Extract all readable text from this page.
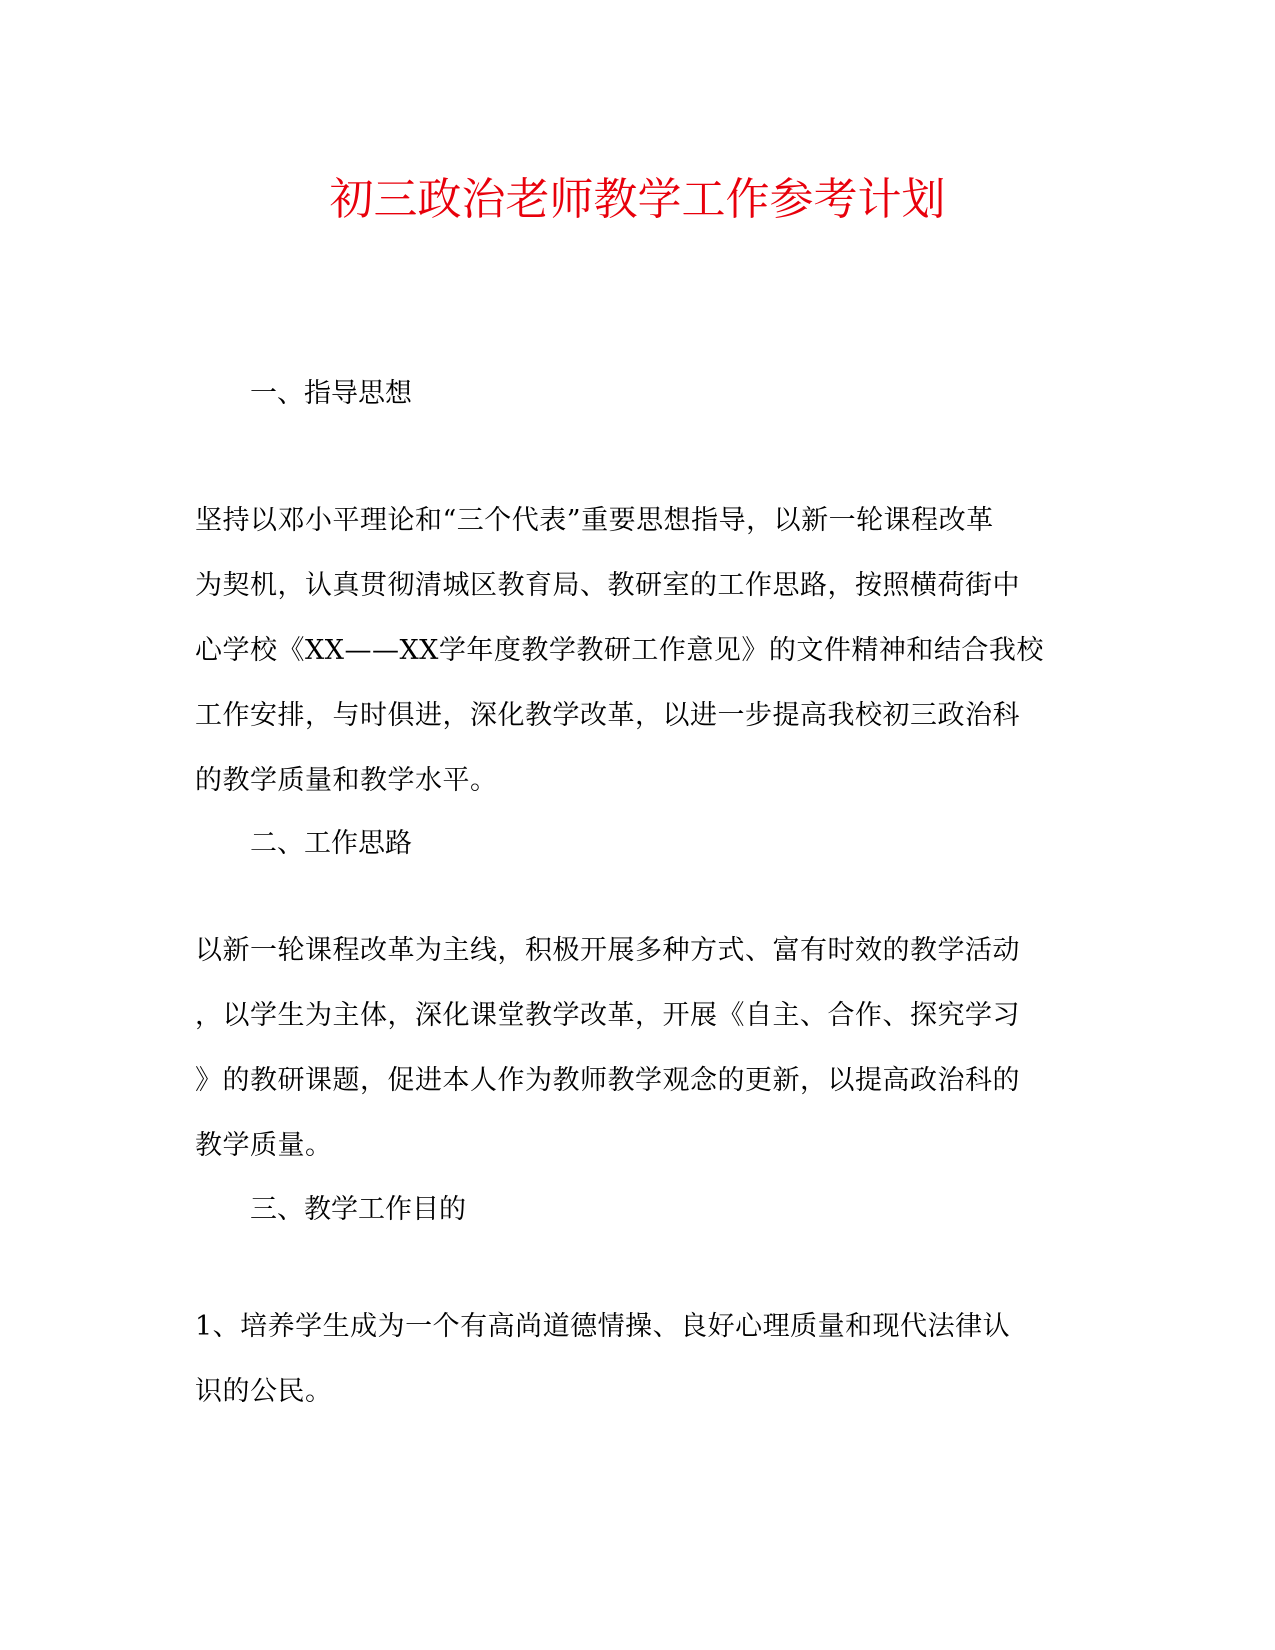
初三政治老师教学工作参考计划
一、指导思想
坚持以邓小平理论和“三个代表”重要思想指导，以新一轮课程改革
为契机，认真贯彻清城区教育局、教研室的工作思路，按照横荷街中
心学校《XX——XX学年度教学教研工作意见》的文件精神和结合我校
工作安排，与时俱进，深化教学改革，以进一步提高我校初三政治科
的教学质量和教学水平。
二、工作思路
以新一轮课程改革为主线，积极开展多种方式、富有时效的教学活动
，以学生为主体，深化课堂教学改革，开展《自主、合作、探究学习
》的教研课题，促进本人作为教师教学观念的更新，以提高政治科的
教学质量。
三、教学工作目的
1、培养学生成为一个有高尚道德情操、良好心理质量和现代法律认
识的公民。
